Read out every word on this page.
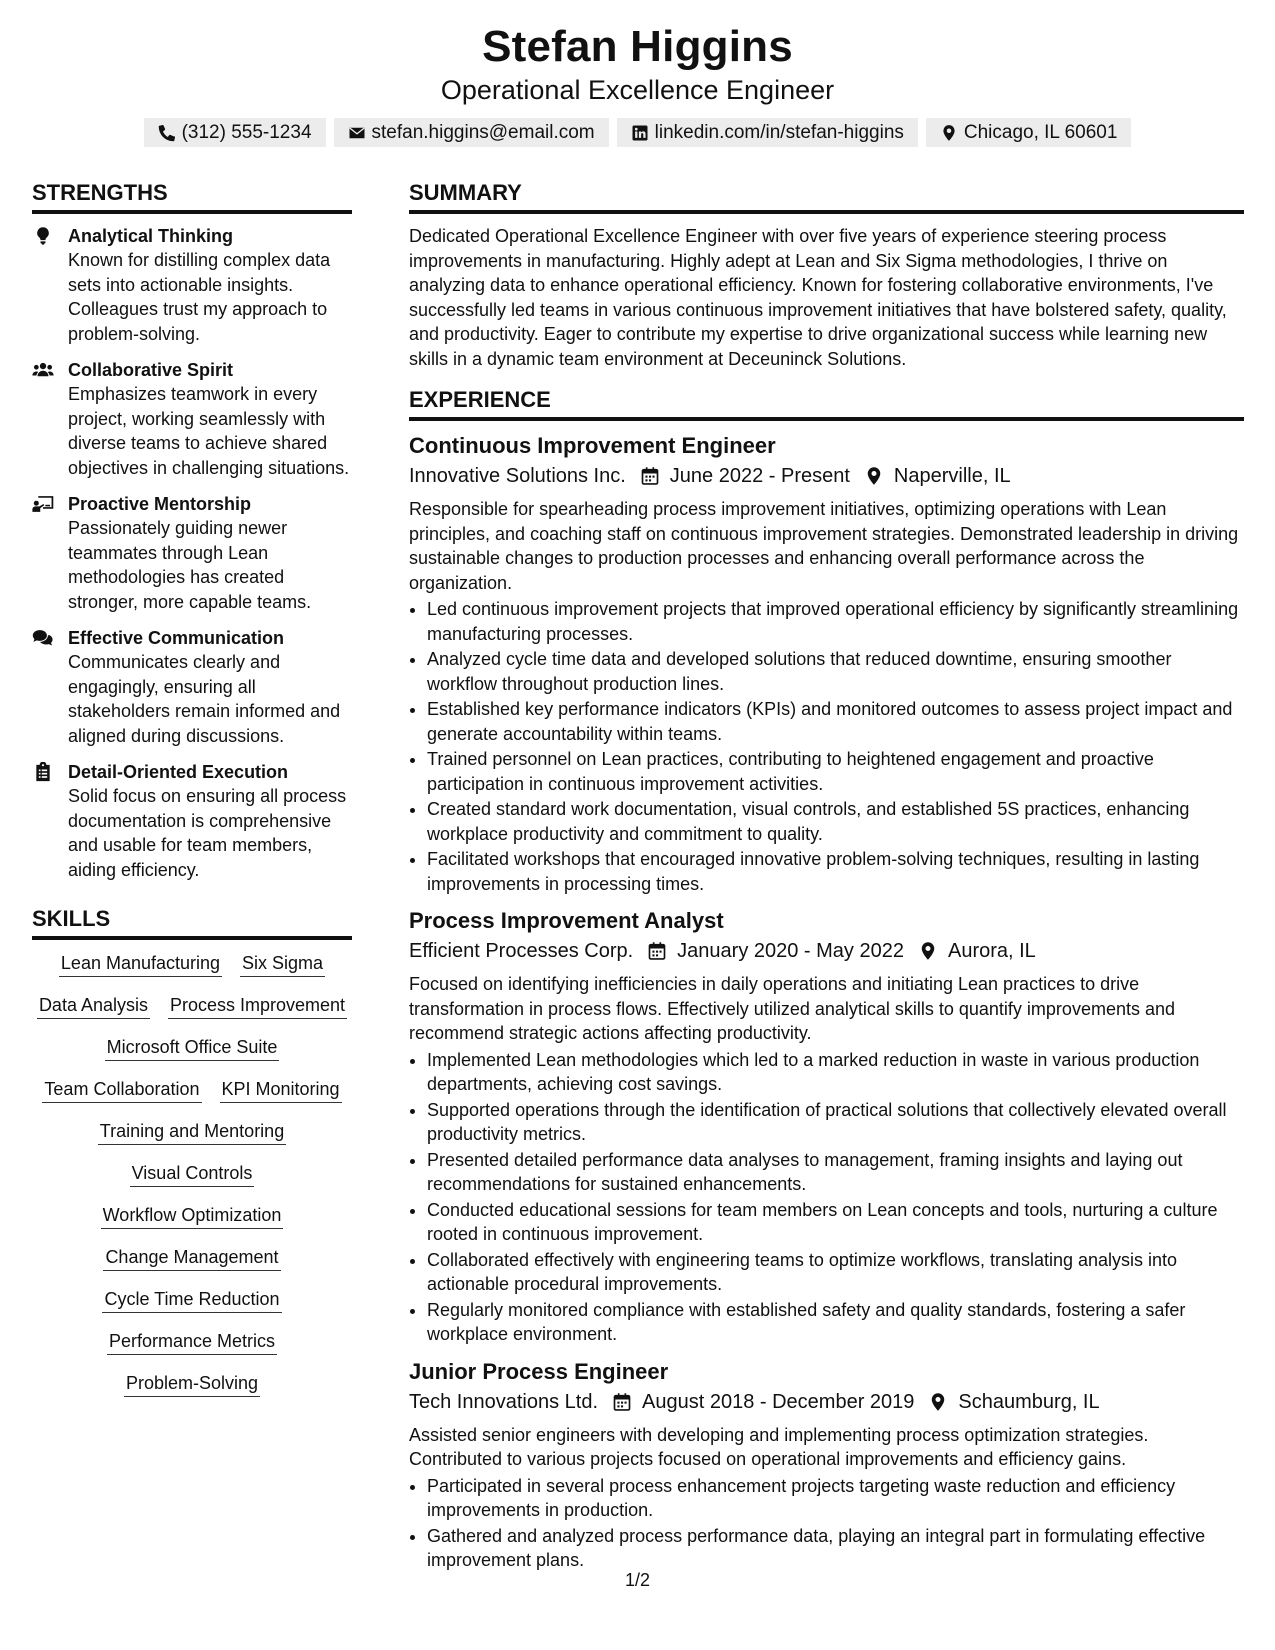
Stefan Higgins
Operational Excellence Engineer
(312) 555-1234	stefan.higgins@email.com	linkedin.com/in/stefan-higgins	Chicago, IL 60601
STRENGTHS
Analytical Thinking
Known for distilling complex data sets into actionable insights. Colleagues trust my approach to problem-solving.
Collaborative Spirit
Emphasizes teamwork in every project, working seamlessly with diverse teams to achieve shared objectives in challenging situations.
Proactive Mentorship
Passionately guiding newer teammates through Lean methodologies has created stronger, more capable teams.
Effective Communication
Communicates clearly and engagingly, ensuring all stakeholders remain informed and aligned during discussions.
Detail-Oriented Execution
Solid focus on ensuring all process documentation is comprehensive and usable for team members, aiding efficiency.
SKILLS
Lean Manufacturing Six Sigma
Data Analysis Process Improvement
Microsoft Office Suite
Team Collaboration KPI Monitoring
Training and Mentoring
Visual Controls
Workflow Optimization
Change Management
Cycle Time Reduction
Performance Metrics
Problem-Solving
SUMMARY

Dedicated Operational Excellence Engineer with over five years of experience steering process improvements in manufacturing. Highly adept at Lean and Six Sigma methodologies, I thrive on analyzing data to enhance operational efficiency. Known for fostering collaborative environments, I've successfully led teams in various continuous improvement initiatives that have bolstered safety, quality, and productivity. Eager to contribute my expertise to drive organizational success while learning new skills in a dynamic team environment at Deceuninck Solutions.

EXPERIENCE
Continuous Improvement Engineer
Innovative Solutions Inc. June 2022 - Present Naperville, IL
Responsible for spearheading process improvement initiatives, optimizing operations with Lean principles, and coaching staff on continuous improvement strategies. Demonstrated leadership in driving sustainable changes to production processes and enhancing overall performance across the organization.
• Led continuous improvement projects that improved operational efficiency by significantly streamlining manufacturing processes.
• Analyzed cycle time data and developed solutions that reduced downtime, ensuring smoother workflow throughout production lines.
• Established key performance indicators (KPIs) and monitored outcomes to assess project impact and generate accountability within teams.
• Trained personnel on Lean practices, contributing to heightened engagement and proactive participation in continuous improvement activities.
• Created standard work documentation, visual controls, and established 5S practices, enhancing workplace productivity and commitment to quality.
• Facilitated workshops that encouraged innovative problem-solving techniques, resulting in lasting improvements in processing times.
Process Improvement Analyst
Efficient Processes Corp. January 2020 - May 2022 Aurora, IL
Focused on identifying inefficiencies in daily operations and initiating Lean practices to drive transformation in process flows. Effectively utilized analytical skills to quantify improvements and recommend strategic actions affecting productivity.
• Implemented Lean methodologies which led to a marked reduction in waste in various production departments, achieving cost savings.
• Supported operations through the identification of practical solutions that collectively elevated overall productivity metrics.
• Presented detailed performance data analyses to management, framing insights and laying out recommendations for sustained enhancements.
• Conducted educational sessions for team members on Lean concepts and tools, nurturing a culture rooted in continuous improvement.
• Collaborated effectively with engineering teams to optimize workflows, translating analysis into actionable procedural improvements.
• Regularly monitored compliance with established safety and quality standards, fostering a safer workplace environment.
Junior Process Engineer
Tech Innovations Ltd. August 2018 - December 2019 Schaumburg, IL
Assisted senior engineers with developing and implementing process optimization strategies. Contributed to various projects focused on operational improvements and efficiency gains.
• Participated in several process enhancement projects targeting waste reduction and efficiency improvements in production.
• Gathered and analyzed process performance data, playing an integral part in formulating effective improvement plans.
1/2
